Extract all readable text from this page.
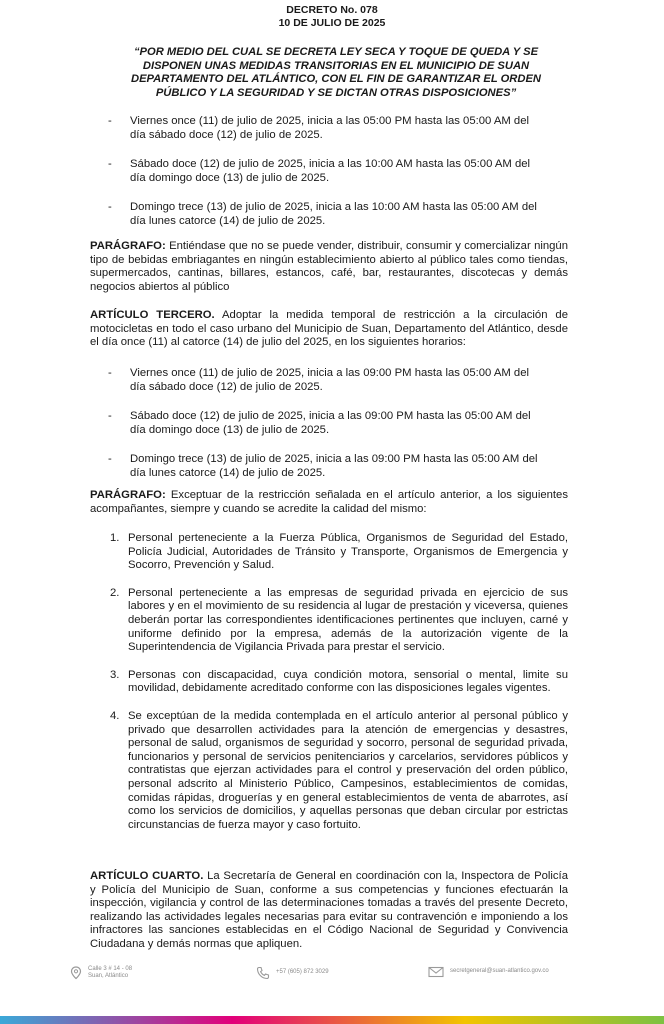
DECRETO No. 078
10 DE JULIO DE 2025
“POR MEDIO DEL CUAL SE DECRETA LEY SECA Y TOQUE DE QUEDA Y SE
DISPONEN UNAS MEDIDAS TRANSITORIAS EN EL MUNICIPIO DE SUAN
DEPARTAMENTO DEL ATLÁNTICO, CON EL FIN DE GARANTIZAR EL ORDEN
PÚBLICO Y LA SEGURIDAD Y SE DICTAN OTRAS DISPOSICIONES”
- Viernes once (11) de julio de 2025, inicia a las 05:00 PM hasta las 05:00 AM del
día sábado doce (12) de julio de 2025.
- Sábado doce (12) de julio de 2025, inicia a las 10:00 AM hasta las 05:00 AM del
día domingo doce (13) de julio de 2025.
- Domingo trece (13) de julio de 2025, inicia a las 10:00 AM hasta las 05:00 AM del
día lunes catorce (14) de julio de 2025.
PARÁGRAFO: Entiéndase que no se puede vender, distribuir, consumir y comercializar ningún tipo de bebidas embriagantes en ningún establecimiento abierto al público tales como tiendas, supermercados, cantinas, billares, estancos, café, bar, restaurantes, discotecas y demás negocios abiertos al público
ARTÍCULO TERCERO. Adoptar la medida temporal de restricción a la circulación de motocicletas en todo el caso urbano del Municipio de Suan, Departamento del Atlántico, desde el día once (11) al catorce (14) de julio del 2025, en los siguientes horarios:
- Viernes once (11) de julio de 2025, inicia a las 09:00 PM hasta las 05:00 AM del
día sábado doce (12) de julio de 2025.
- Sábado doce (12) de julio de 2025, inicia a las 09:00 PM hasta las 05:00 AM del
día domingo doce (13) de julio de 2025.
- Domingo trece (13) de julio de 2025, inicia a las 09:00 PM hasta las 05:00 AM del
día lunes catorce (14) de julio de 2025.
PARÁGRAFO: Exceptuar de la restricción señalada en el artículo anterior, a los siguientes acompañantes, siempre y cuando se acredite la calidad del mismo:
1. Personal perteneciente a la Fuerza Pública, Organismos de Seguridad del Estado, Policía Judicial, Autoridades de Tránsito y Transporte, Organismos de Emergencia y Socorro, Prevención y Salud.
2. Personal perteneciente a las empresas de seguridad privada en ejercicio de sus labores y en el movimiento de su residencia al lugar de prestación y viceversa, quienes deberán portar las correspondientes identificaciones pertinentes que incluyen, carné y uniforme definido por la empresa, además de la autorización vigente de la Superintendencia de Vigilancia Privada para prestar el servicio.
3. Personas con discapacidad, cuya condición motora, sensorial o mental, limite su movilidad, debidamente acreditado conforme con las disposiciones legales vigentes.
4. Se exceptúan de la medida contemplada en el artículo anterior al personal público y privado que desarrollen actividades para la atención de emergencias y desastres, personal de salud, organismos de seguridad y socorro, personal de seguridad privada, funcionarios y personal de servicios penitenciarios y carcelarios, servidores públicos y contratistas que ejerzan actividades para el control y preservación del orden público, personal adscrito al Ministerio Público, Campesinos, establecimientos de comidas, comidas rápidas, droguerías y en general establecimientos de venta de abarrotes, así como los servicios de domicilios, y aquellas personas que deban circular por estrictas circunstancias de fuerza mayor y caso fortuito.
ARTÍCULO CUARTO. La Secretaría de General en coordinación con la, Inspectora de Policía y Policía del Municipio de Suan, conforme a sus competencias y funciones efectuarán la inspección, vigilancia y control de las determinaciones tomadas a través del presente Decreto, realizando las actividades legales necesarias para evitar su contravención e imponiendo a los infractores las sanciones establecidas en el Código Nacional de Seguridad y Convivencia Ciudadana y demás normas que apliquen.
Calle 3 # 14 - 08
Suan, Atlántico
+57 (605) 872 3029	secretgeneral@suan-atlantico.gov.co
